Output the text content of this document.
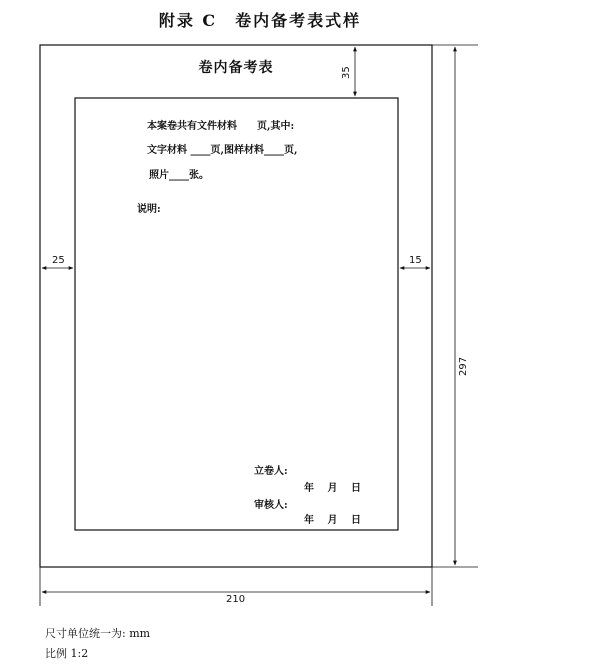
附录 C　卷内备考表式样
卷内备考表
本案卷共有文件材料　　页,其中:
文字材料 ____页,图样材料____页,
照片____张。
说明:
立卷人:
年　 月　 日
审核人:
年　 月　 日
35
25	15
297
210
尺寸单位统一为: mm
比例 1:2
